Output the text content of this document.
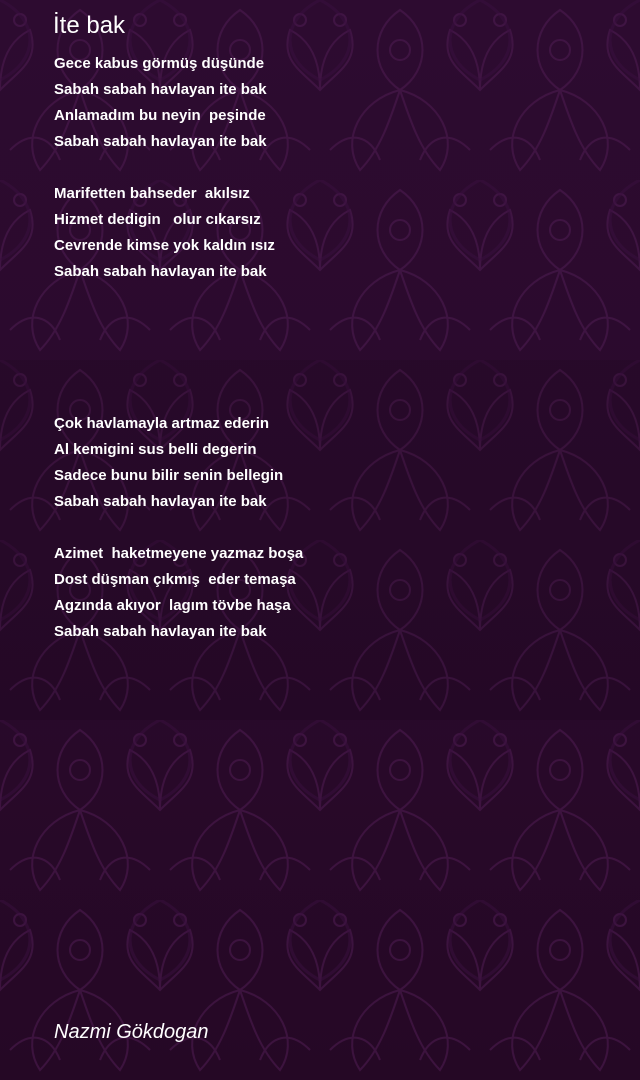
İte bak
Gece kabus görmüş düşünde
Sabah sabah havlayan ite bak
Anlamadım bu neyin  peşinde
Sabah sabah havlayan ite bak
Marifetten bahseder  akılsız
Hizmet dedigin   olur cıkarsız
Cevrende kimse yok kaldın ısız
Sabah sabah havlayan ite bak
Çok havlamayla artmaz ederin
Al kemigini sus belli degerin
Sadece bunu bilir senin bellegin
Sabah sabah havlayan ite bak
Azimet  haketmeyene yazmaz boşa
Dost düşman çıkmış  eder temaşa
Agzında akıyor  lagım tövbe haşa
Sabah sabah havlayan ite bak

Nazmi Gökdogan
